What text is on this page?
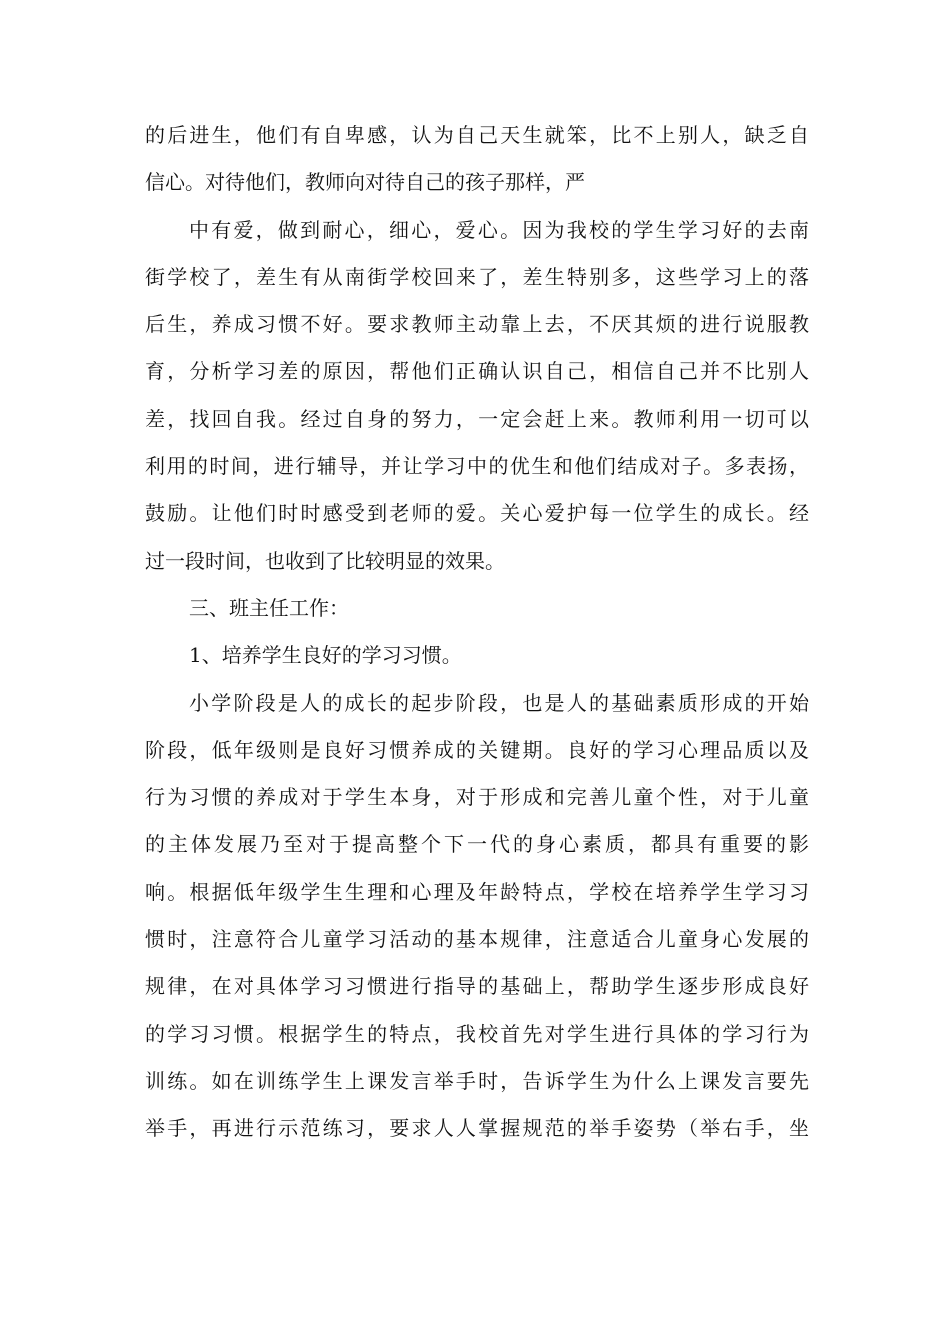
的后进生，他们有自卑感，认为自己天生就笨，比不上别人，缺乏自
信心。对待他们，教师向对待自己的孩子那样，严
中有爱，做到耐心，细心，爱心。因为我校的学生学习好的去南
街学校了，差生有从南街学校回来了，差生特别多，这些学习上的落
后生，养成习惯不好。要求教师主动靠上去，不厌其烦的进行说服教
育，分析学习差的原因，帮他们正确认识自己，相信自己并不比别人
差，找回自我。经过自身的努力，一定会赶上来。教师利用一切可以
利用的时间，进行辅导，并让学习中的优生和他们结成对子。多表扬，
鼓励。让他们时时感受到老师的爱。关心爱护每一位学生的成长。经
过一段时间，也收到了比较明显的效果。
三、班主任工作：
1、培养学生良好的学习习惯。
小学阶段是人的成长的起步阶段，也是人的基础素质形成的开始
阶段，低年级则是良好习惯养成的关键期。良好的学习心理品质以及
行为习惯的养成对于学生本身，对于形成和完善儿童个性，对于儿童
的主体发展乃至对于提高整个下一代的身心素质，都具有重要的影
响。根据低年级学生生理和心理及年龄特点，学校在培养学生学习习
惯时，注意符合儿童学习活动的基本规律，注意适合儿童身心发展的
规律，在对具体学习习惯进行指导的基础上，帮助学生逐步形成良好
的学习习惯。根据学生的特点，我校首先对学生进行具体的学习行为
训练。如在训练学生上课发言举手时，告诉学生为什么上课发言要先
举手，再进行示范练习，要求人人掌握规范的举手姿势（举右手，坐
